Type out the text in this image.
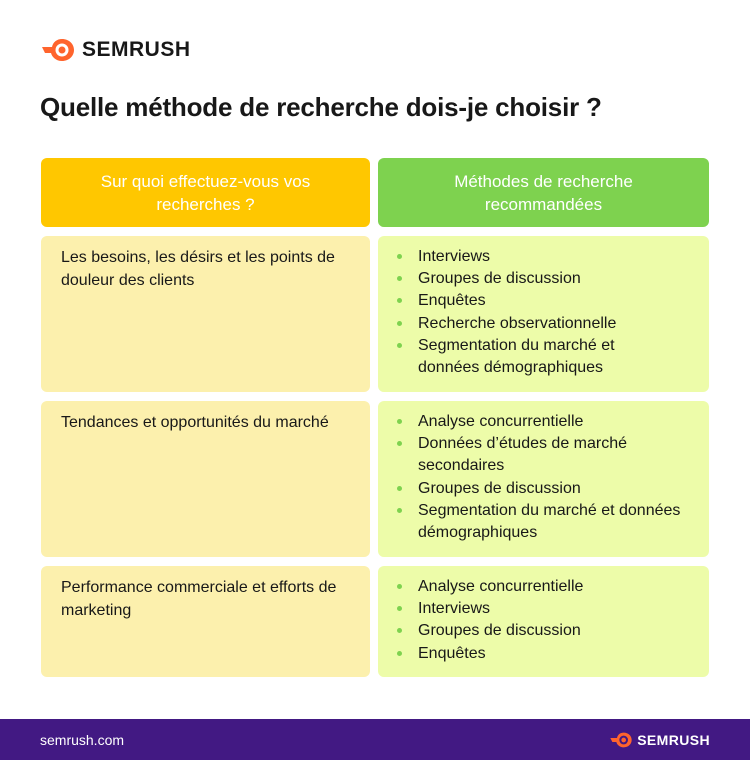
SEMRUSH
Quelle méthode de recherche dois-je choisir ?
Sur quoi effectuez-vous vos recherches ?
Méthodes de recherche recommandées
Les besoins, les désirs et les points de douleur des clients
Interviews
Groupes de discussion
Enquêtes
Recherche observationnelle
Segmentation du marché et données démographiques
Tendances et opportunités du marché	Analyse concurrentielle
Données d’études de marché secondaires
Groupes de discussion
Segmentation du marché et données démographiques
Performance commerciale et efforts de marketing
Analyse concurrentielle
Interviews
Groupes de discussion
Enquêtes
semrush.com	SEMRUSH
